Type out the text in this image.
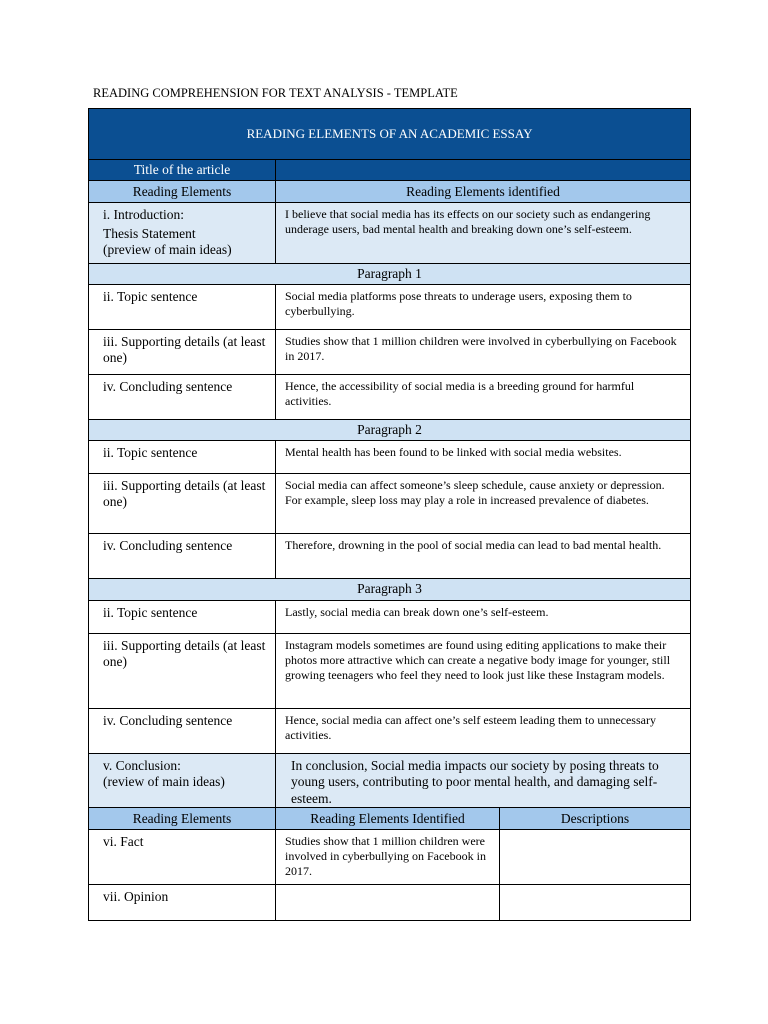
READING COMPREHENSION FOR TEXT ANALYSIS - TEMPLATE
READING ELEMENTS OF AN ACADEMIC ESSAY		
Title of the article		
Reading Elements	Reading Elements identified	

i. Introduction:
Thesis Statement
(preview of main ideas)	I believe that social media has its effects on our society such as endangering underage users, bad mental health and breaking down one’s self-esteem.	
Paragraph 1		
ii. Topic sentence	Social media platforms pose threats to underage users, exposing them to cyberbullying.	
iii. Supporting details (at least one)	Studies show that 1 million children were involved in cyberbullying on Facebook in 2017.	
iv. Concluding sentence	Hence, the accessibility of social media is a breeding ground for harmful activities.	
Paragraph 2		
ii. Topic sentence	Mental health has been found to be linked with social media websites.	
iii. Supporting details (at least one)	Social media can affect someone’s sleep schedule, cause anxiety or depression. For example, sleep loss may play a role in increased prevalence of diabetes.	
iv. Concluding sentence	Therefore, drowning in the pool of social media can lead to bad mental health.	
Paragraph 3		
ii. Topic sentence	Lastly, social media can break down one’s self-esteem.	
iii. Supporting details (at least one)	Instagram models sometimes are found using editing applications to make their photos more attractive which can create a negative body image for younger, still growing teenagers who feel they need to look just like these Instagram models.	
iv. Concluding sentence	Hence, social media can affect one’s self esteem leading them to unnecessary activities.	

v. Conclusion:
(review of main ideas)	In conclusion, Social media impacts our society by posing threats to young users, contributing to poor mental health, and damaging self-esteem.	
Reading Elements	Reading Elements Identified	Descriptions
vi. Fact	Studies show that 1 million children were involved in cyberbullying on Facebook in 2017.	
vii. Opinion		
